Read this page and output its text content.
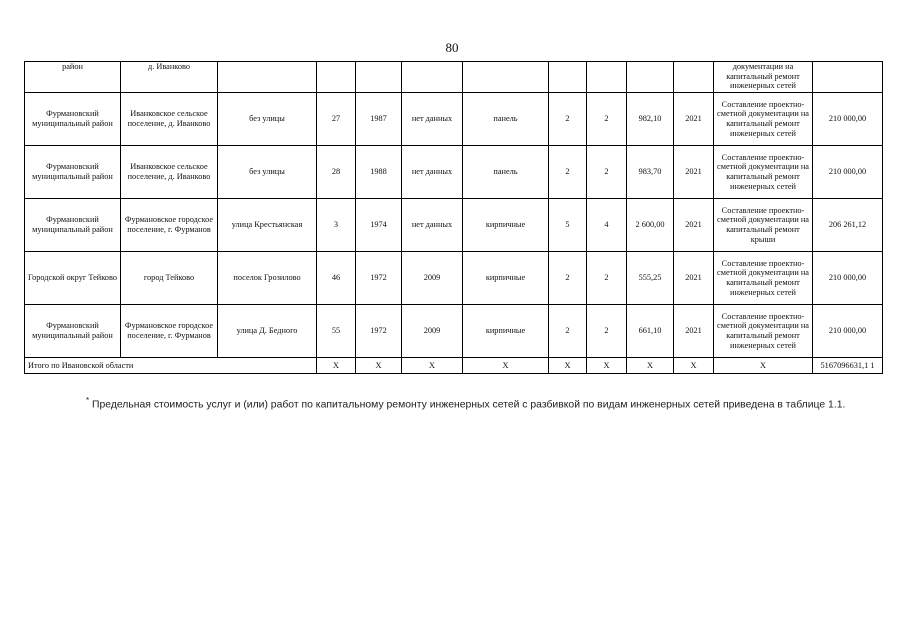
80
район	д. Иванково										документации на капитальный ремонт инженерных сетей	
Фурмановский муниципальный район	Иванковское сельское поселение, д. Иванково	без улицы	27	1987	нет данных	панель	2	2	982,10	2021	Составление проектно-сметной документации на капитальный ремонт инженерных сетей	210 000,00
Фурмановский муниципальный район	Иванковское сельское поселение, д. Иванково	без улицы	28	1988	нет данных	панель	2	2	983,70	2021	Составление проектно-сметной документации на капитальный ремонт инженерных сетей	210 000,00
Фурмановский муниципальный район	Фурмановское городское поселение, г. Фурманов	улица Крестьянская	3	1974	нет данных	кирпичные	5	4	2 600,00	2021	Составление проектно-сметной документации на капитальный ремонт крыши	206 261,12
Городской округ Тейково	город Тейково	поселок Грозилово	46	1972	2009	кирпичные	2	2	555,25	2021	Составление проектно-сметной документации на капитальный ремонт инженерных сетей	210 000,00
Фурмановский муниципальный район	Фурмановское городское поселение, г. Фурманов	улица Д. Бедного	55	1972	2009	кирпичные	2	2	661,10	2021	Составление проектно-сметной документации на капитальный ремонт инженерных сетей	210 000,00
Итого по Ивановской области			X	X	X	X	X	X	X	X	X	5167096631,1 1
* Предельная стоимость услуг и (или) работ по капитальному ремонту инженерных сетей с разбивкой по видам инженерных сетей приведена в таблице 1.1.
